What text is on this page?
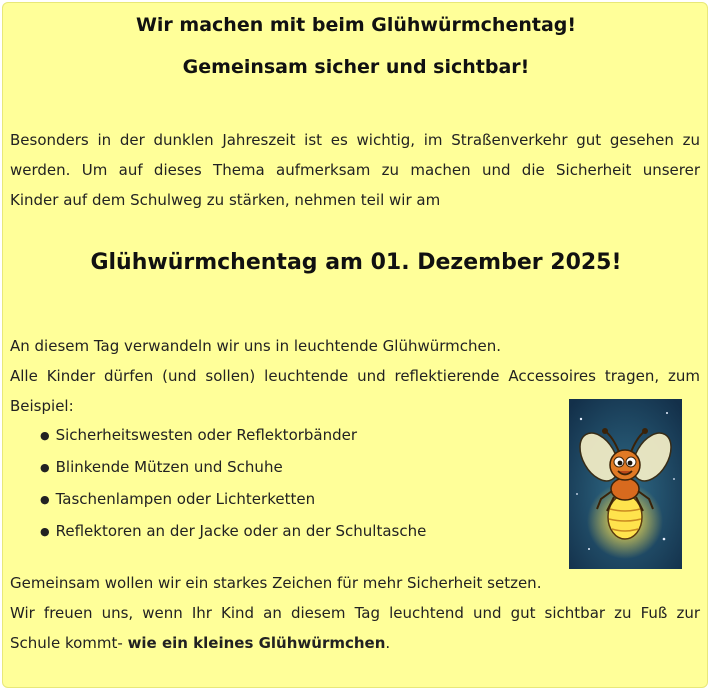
Wir machen mit beim Glühwürmchentag!
Gemeinsam sicher und sichtbar!
Besonders in der dunklen Jahreszeit ist es wichtig, im Straßenverkehr gut gesehen zu
werden. Um auf dieses Thema aufmerksam zu machen und die Sicherheit unserer
Kinder auf dem Schulweg zu stärken, nehmen teil wir am
Glühwürmchentag am 01. Dezember 2025!
An diesem Tag verwandeln wir uns in leuchtende Glühwürmchen.
Alle Kinder dürfen (und sollen) leuchtende und reflektierende Accessoires tragen, zum
Beispiel:
● Sicherheitswesten oder Reflektorbänder
● Blinkende Mützen und Schuhe
● Taschenlampen oder Lichterketten
● Reflektoren an der Jacke oder an der Schultasche
Gemeinsam wollen wir ein starkes Zeichen für mehr Sicherheit setzen.
Wir freuen uns, wenn Ihr Kind an diesem Tag leuchtend und gut sichtbar zu Fuß zur
Schule kommt- wie ein kleines Glühwürmchen.
